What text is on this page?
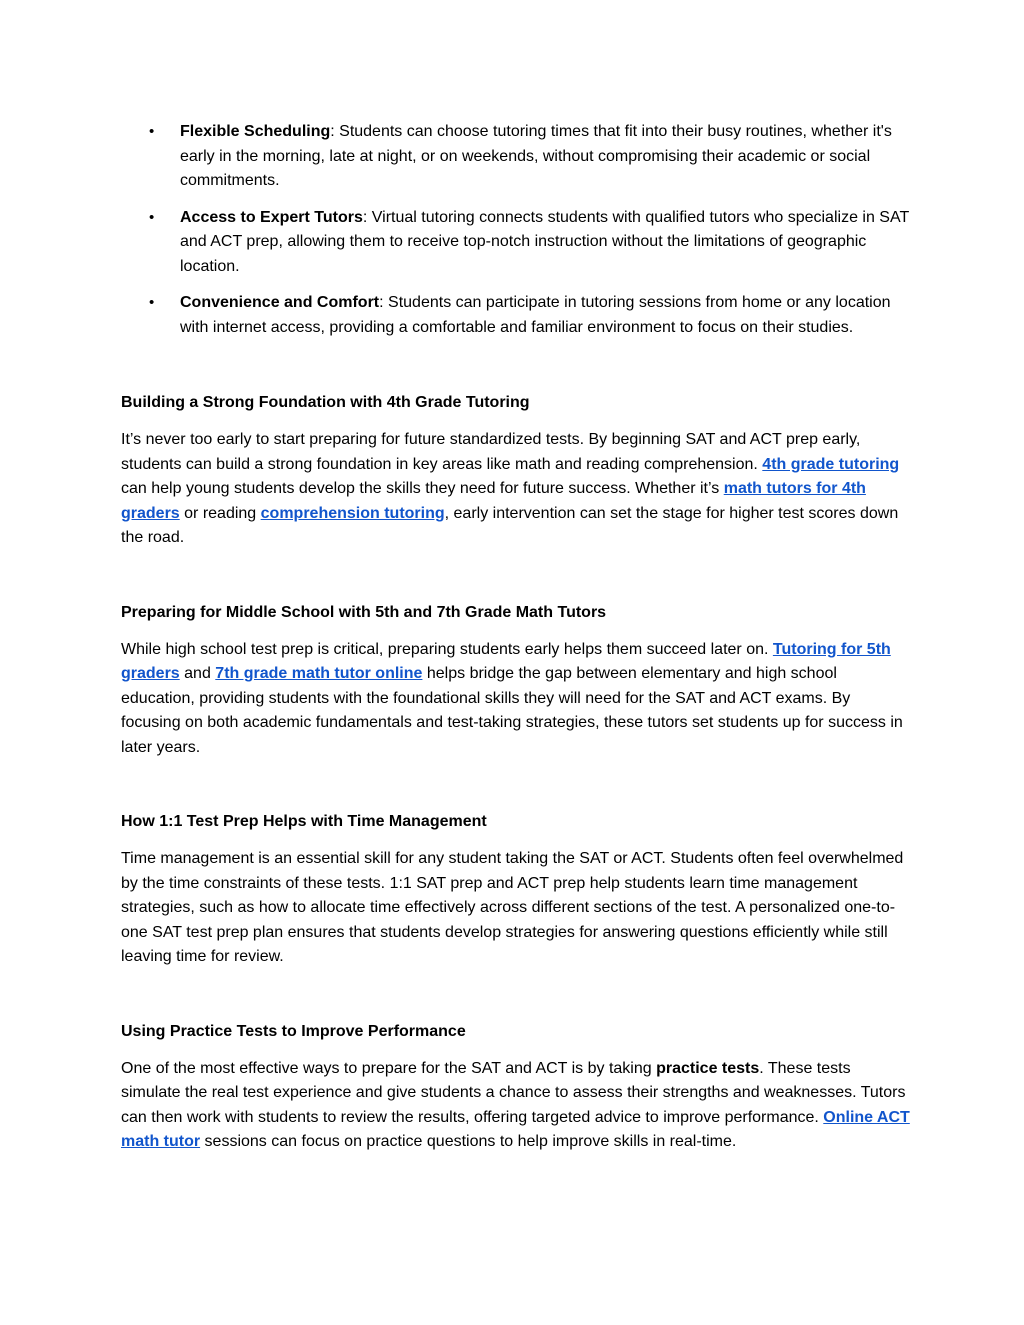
• Flexible Scheduling: Students can choose tutoring times that fit into their busy routines, whether it's early in the morning, late at night, or on weekends, without compromising their academic or social commitments.
• Access to Expert Tutors: Virtual tutoring connects students with qualified tutors who specialize in SAT and ACT prep, allowing them to receive top-notch instruction without the limitations of geographic location.
• Convenience and Comfort: Students can participate in tutoring sessions from home or any location with internet access, providing a comfortable and familiar environment to focus on their studies.
Building a Strong Foundation with 4th Grade Tutoring

It’s never too early to start preparing for future standardized tests. By beginning SAT and ACT prep early, students can build a strong foundation in key areas like math and reading comprehension. 4th grade tutoring can help young students develop the skills they need for future success. Whether it’s math tutors for 4th graders or reading comprehension tutoring, early intervention can set the stage for higher test scores down the road.

Preparing for Middle School with 5th and 7th Grade Math Tutors

While high school test prep is critical, preparing students early helps them succeed later on. Tutoring for 5th graders and 7th grade math tutor online helps bridge the gap between elementary and high school education, providing students with the foundational skills they will need for the SAT and ACT exams. By focusing on both academic fundamentals and test-taking strategies, these tutors set students up for success in later years.

How 1:1 Test Prep Helps with Time Management

Time management is an essential skill for any student taking the SAT or ACT. Students often feel overwhelmed by the time constraints of these tests. 1:1 SAT prep and ACT prep help students learn time management strategies, such as how to allocate time effectively across different sections of the test. A personalized one-to-one SAT test prep plan ensures that students develop strategies for answering questions efficiently while still leaving time for review.

Using Practice Tests to Improve Performance

One of the most effective ways to prepare for the SAT and ACT is by taking practice tests. These tests simulate the real test experience and give students a chance to assess their strengths and weaknesses. Tutors can then work with students to review the results, offering targeted advice to improve performance. Online ACT math tutor sessions can focus on practice questions to help improve skills in real-time.
